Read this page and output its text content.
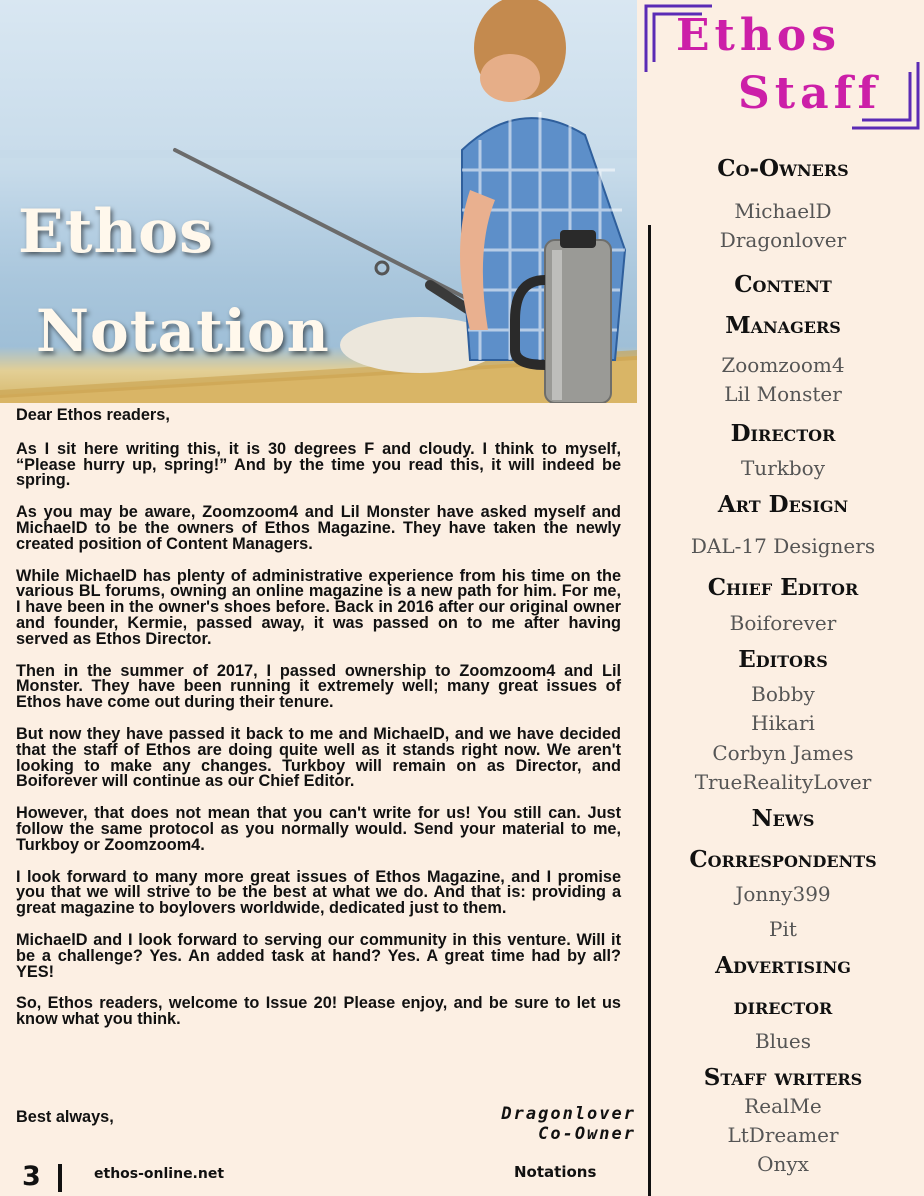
Ethos
Notation

Dear Ethos readers,

As I sit here writing this, it is 30 degrees F and cloudy. I think to myself, “Please hurry up, spring!” And by the time you read this, it will indeed be spring.

As you may be aware, Zoomzoom4 and Lil Monster have asked myself and MichaelD to be the owners of Ethos Magazine. They have taken the newly created position of Content Managers.

While MichaelD has plenty of administrative experience from his time on the various BL forums, owning an online magazine is a new path for him. For me, I have been in the owner's shoes before. Back in 2016 after our original owner and founder, Kermie, passed away, it was passed on to me after having served as Ethos Director.

Then in the summer of 2017, I passed ownership to Zoomzoom4 and Lil Monster. They have been running it extremely well; many great issues of Ethos have come out during their tenure.

But now they have passed it back to me and MichaelD, and we have decided that the staff of Ethos are doing quite well as it stands right now. We aren't looking to make any changes. Turkboy will remain on as Director, and Boiforever will continue as our Chief Editor.

However, that does not mean that you can't write for us! You still can. Just follow the same protocol as you normally would. Send your material to me, Turkboy or Zoomzoom4.

I look forward to many more great issues of Ethos Magazine, and I promise you that we will strive to be the best at what we do. And that is: providing a great magazine to boylovers worldwide, dedicated just to them.

MichaelD and I look forward to serving our community in this venture. Will it be a challenge? Yes. An added task at hand? Yes. A great time had by all? YES!

So, Ethos readers, welcome to Issue 20! Please enjoy, and be sure to let us know what you think.

Best always,	Dragonlover
Co-Owner
3	ethos-online.net	Notations
Ethos
Staff
Co-Owners
MichaelD
Dragonlover
Content
Managers
Zoomzoom4
Lil Monster
Director
Turkboy
Art Design
DAL-17 Designers
Chief Editor
Boiforever
Editors
Bobby
Hikari
Corbyn James
TrueRealityLover
News
Correspondents
Jonny399
Pit
Advertising
director
Blues
Staff writers
RealMe
LtDreamer
Onyx
